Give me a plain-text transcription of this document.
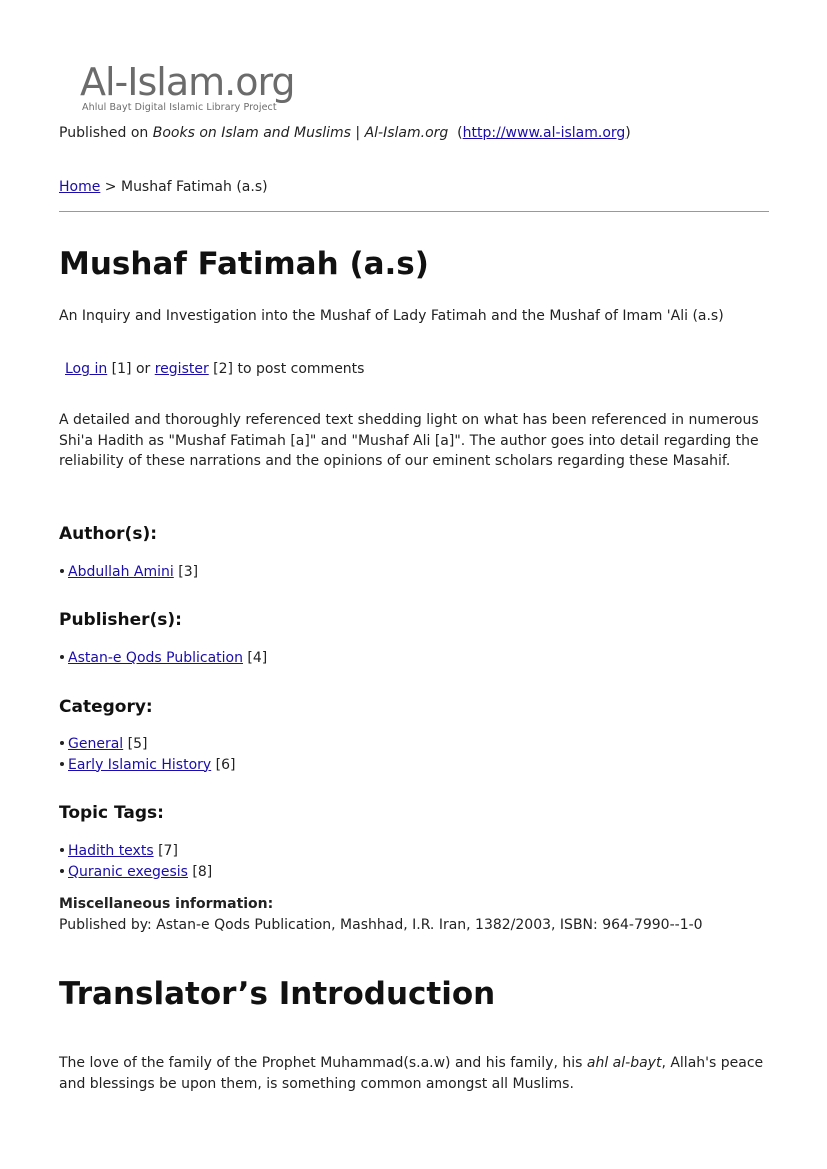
Al-Islam.org
Ahlul Bayt Digital Islamic Library Project
Published on Books on Islam and Muslims | Al-Islam.org  (http://www.al-islam.org)
Home > Mushaf Fatimah (a.s)
Mushaf Fatimah (a.s)

An Inquiry and Investigation into the Mushaf of Lady Fatimah and the Mushaf of Imam 'Ali (a.s)

Log in [1] or register [2] to post comments

A detailed and thoroughly referenced text shedding light on what has been referenced in numerous Shi'a Hadith as "Mushaf Fatimah [a]" and "Mushaf Ali [a]". The author goes into detail regarding the reliability of these narrations and the opinions of our eminent scholars regarding these Masahif.

Author(s):
Abdullah Amini [3]
Publisher(s):
Astan-e Qods Publication [4]
Category:
General [5]
Early Islamic History [6]
Topic Tags:
Hadith texts [7]
Quranic exegesis [8]
Miscellaneous information:

Published by: Astan-e Qods Publication, Mashhad, I.R. Iran, 1382/2003, ISBN: 964-7990--1-0

Translator’s Introduction

The love of the family of the Prophet Muhammad(s.a.w) and his family, his ahl al-bayt, Allah's peace and blessings be upon them, is something common amongst all Muslims.
